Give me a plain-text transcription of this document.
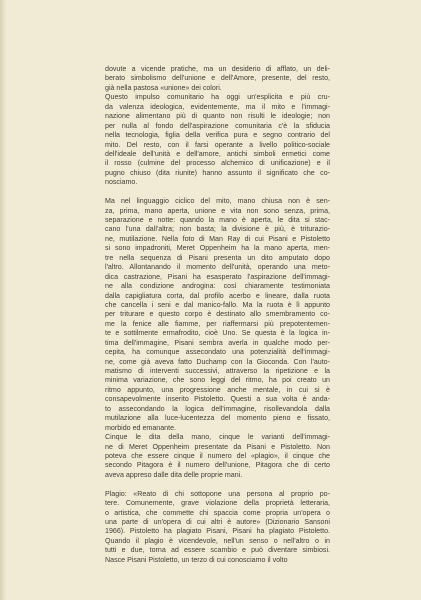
dovute a vicende pratiche, ma un desiderio di afflato, un deli-
berato simbolismo dell'unione e dell'Amore, presente, del resto,
già nella pastosa «unione» dei colori.
Questo impulso comunitario ha oggi un'esplicita e più cru-
da valenza ideologica, evidentemente, ma il mito e l'immagi-
nazione alimentano più di quanto non risulti le ideologie; non
per nulla al fondo dell'aspirazione comunitaria c'è la sfiducia
nella tecnologia, figlia della verifica pura e segno contrario del
mito. Del resto, con il farsi operante a livello politico-sociale
dell'ideale dell'unità e dell'amore, antichi simboli ermetici come
il rosso (culmine del processo alchemico di unificazione) e il
pugno chiuso (dita riunite) hanno assunto il significato che co-
nosciamo.
Ma nel linguaggio ciclico del mito, mano chiusa non è sen-
za, prima, mano aperta, unione e vita non sono senza, prima,
separazione e notte: quando la mano è aperta, le dita si stac-
cano l'una dall'altra; non basta; la divisione è più, è triturazio-
ne, mutilazione. Nella foto di Man Ray di cui Pisani e Pistoletto
si sono impadroniti, Meret Oppenheim ha la mano aperta, men-
tre nella sequenza di Pisani presenta un dito amputato dopo
l'altro. Allontanando il momento dell'unità, operando una meto-
dica castrazione, Pisani ha esasperato l'aspirazione dell'immagi-
ne alla condizione androgina: così chiaramente testimoniata
dalla capigliatura corta, dal profilo acerbo e lineare, dalla ruota
che cancella i seni e dal manico-fallo. Ma la ruota è lì appunto
per triturare e questo corpo è destinato allo smembramento co-
me la fenice alle fiamme, per riaffermarsi più prepotentemen-
te e sottilmente ermafrodito, cioè Uno. Se questa è la logica in-
tima dell'immagine, Pisani sembra averla in qualche modo per-
cepita, ha comunque assecondato una potenzialità dell'immagi-
ne, come già aveva fatto Duchamp con la Gioconda. Con l'auto-
matismo di interventi successivi, attraverso la ripetizione e la
minima variazione, che sono leggi del ritmo, ha poi creato un
ritmo appunto, una progressione anche mentale, in cui si è
consapevolmente inserito Pistoletto. Questi a sua volta è anda-
to assecondando la logica dell'immagine, risollevandola dalla
mutilazione alla luce-lucentezza del momento pieno e fissato,
morbido ed emanante.
Cinque le dita della mano, cinque le varianti dell'immagi-
ne di Meret Oppenheim presentate da Pisani e Pistoletto. Non
poteva che essere cinque il numero del «plagio», il cinque che
secondo Pitagora è il numero dell'unione, Pitagora che di certo
aveva appreso dalle dita delle proprie mani.
Plagio: «Reato di chi sottopone una persona al proprio po-
tere. Comunemente, grave violazione della proprietà letteraria,
o artistica, che commette chi spaccia come propria un'opera o
una parte di un'opera di cui altri è autore» (Dizionario Sansoni
1966). Pistoletto ha plagiato Pisani, Pisani ha plagiato Pistoletto.
Quando il plagio è vicendevole, nell'un senso o nell'altro o in
tutti e due, torna ad essere scambio e può diventare simbiosi.
Nasce Pisani Pistoletto, un terzo di cui conosciamo il volto
